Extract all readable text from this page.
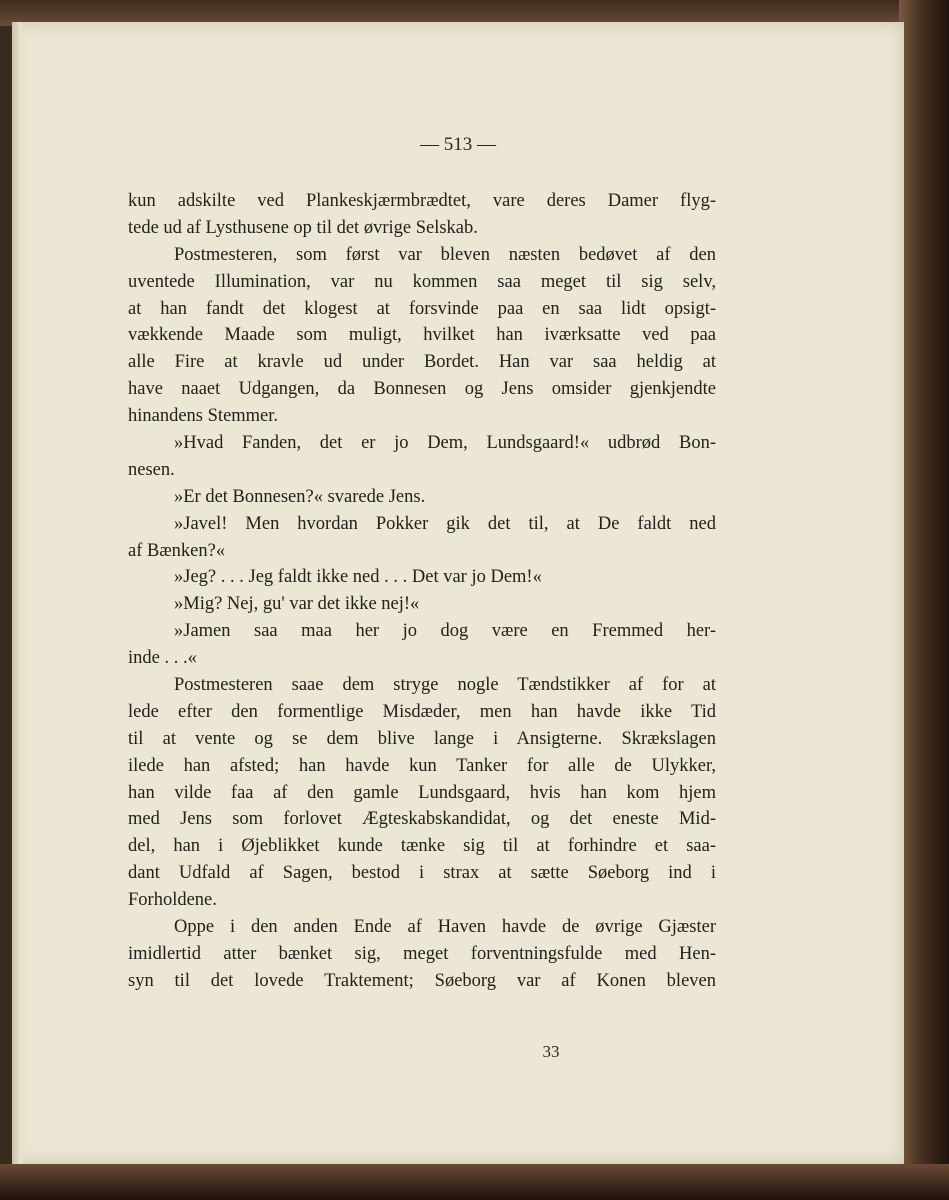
— 513 —
kun adskilte ved Plankeskjærmbrædtet, vare deres Damer flyg-
tede ud af Lysthusene op til det øvrige Selskab.
Postmesteren, som først var bleven næsten bedøvet af den
uventede Illumination, var nu kommen saa meget til sig selv,
at han fandt det klogest at forsvinde paa en saa lidt opsigt-
vækkende Maade som muligt, hvilket han iværksatte ved paa
alle Fire at kravle ud under Bordet. Han var saa heldig at
have naaet Udgangen, da Bonnesen og Jens omsider gjenkjendte
hinandens Stemmer.
»Hvad Fanden, det er jo Dem, Lundsgaard!« udbrød Bon-
nesen.
»Er det Bonnesen?« svarede Jens.
»Javel! Men hvordan Pokker gik det til, at De faldt ned
af Bænken?«
»Jeg? . . . Jeg faldt ikke ned . . . Det var jo Dem!«
»Mig? Nej, gu' var det ikke nej!«
»Jamen saa maa her jo dog være en Fremmed her-
inde . . .«
Postmesteren saae dem stryge nogle Tændstikker af for at
lede efter den formentlige Misdæder, men han havde ikke Tid
til at vente og se dem blive lange i Ansigterne. Skrækslagen
ilede han afsted; han havde kun Tanker for alle de Ulykker,
han vilde faa af den gamle Lundsgaard, hvis han kom hjem
med Jens som forlovet Ægteskabskandidat, og det eneste Mid-
del, han i Øjeblikket kunde tænke sig til at forhindre et saa-
dant Udfald af Sagen, bestod i strax at sætte Søeborg ind i
Forholdene.
Oppe i den anden Ende af Haven havde de øvrige Gjæster
imidlertid atter bænket sig, meget forventningsfulde med Hen-
syn til det lovede Traktement; Søeborg var af Konen bleven
33
